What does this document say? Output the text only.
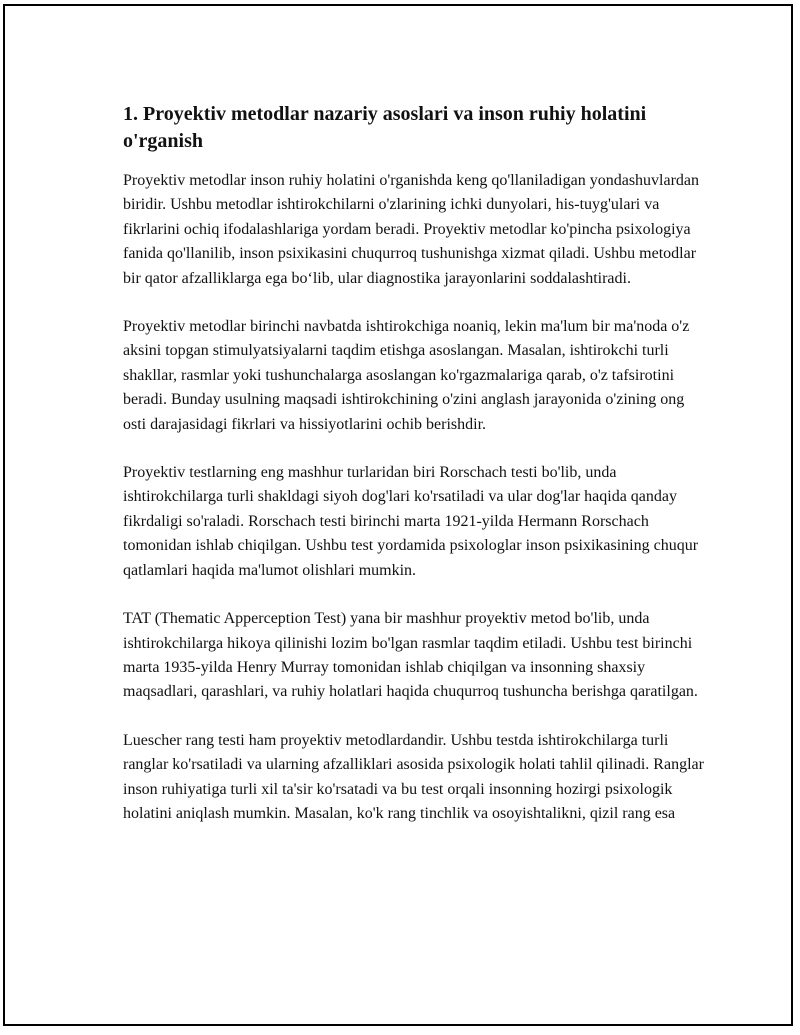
1. Proyektiv metodlar nazariy asoslari va inson ruhiy holatini o'rganish

Proyektiv metodlar inson ruhiy holatini o'rganishda keng qo'llaniladigan yondashuvlardan biridir. Ushbu metodlar ishtirokchilarni o'zlarining ichki dunyolari, his-tuyg'ulari va fikrlarini ochiq ifodalashlariga yordam beradi. Proyektiv metodlar ko'pincha psixologiya fanida qo'llanilib, inson psixikasini chuqurroq tushunishga xizmat qiladi. Ushbu metodlar bir qator afzalliklarga ega bo‘lib, ular diagnostika jarayonlarini soddalashtiradi.

Proyektiv metodlar birinchi navbatda ishtirokchiga noaniq, lekin ma'lum bir ma'noda o'z aksini topgan stimulyatsiyalarni taqdim etishga asoslangan. Masalan, ishtirokchi turli shakllar, rasmlar yoki tushunchalarga asoslangan ko'rgazmalariga qarab, o'z tafsirotini beradi. Bunday usulning maqsadi ishtirokchining o'zini anglash jarayonida o'zining ong osti darajasidagi fikrlari va hissiyotlarini ochib berishdir.

Proyektiv testlarning eng mashhur turlaridan biri Rorschach testi bo'lib, unda ishtirokchilarga turli shakldagi siyoh dog'lari ko'rsatiladi va ular dog'lar haqida qanday fikrdaligi so'raladi. Rorschach testi birinchi marta 1921-yilda Hermann Rorschach tomonidan ishlab chiqilgan. Ushbu test yordamida psixologlar inson psixikasining chuqur qatlamlari haqida ma'lumot olishlari mumkin.

TAT (Thematic Apperception Test) yana bir mashhur proyektiv metod bo'lib, unda ishtirokchilarga hikoya qilinishi lozim bo'lgan rasmlar taqdim etiladi. Ushbu test birinchi marta 1935-yilda Henry Murray tomonidan ishlab chiqilgan va insonning shaxsiy maqsadlari, qarashlari, va ruhiy holatlari haqida chuqurroq tushuncha berishga qaratilgan.

Luescher rang testi ham proyektiv metodlardandir. Ushbu testda ishtirokchilarga turli ranglar ko'rsatiladi va ularning afzalliklari asosida psixologik holati tahlil qilinadi. Ranglar inson ruhiyatiga turli xil ta'sir ko'rsatadi va bu test orqali insonning hozirgi psixologik holatini aniqlash mumkin. Masalan, ko'k rang tinchlik va osoyishtalikni, qizil rang esa
